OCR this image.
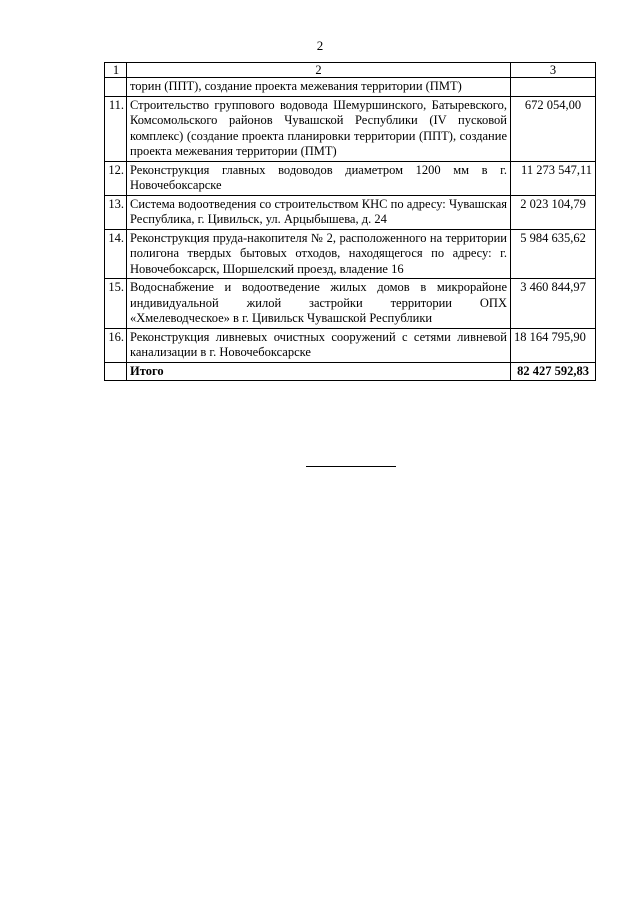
2
1	2	3
	торин (ППТ), создание проекта межевания территории (ПМТ)	
11.	Строительство группового водовода Шемуршинского, Батыревского, Комсомольского районов Чувашской Республики (IV пусковой комплекс) (создание проекта планировки территории (ППТ), создание проекта межевания территории (ПМТ)	672 054,00
12.	Реконструкция главных водоводов диаметром 1200 мм в г. Новочебоксарске	11 273 547,11
13.	Система водоотведения со строительством КНС по адресу: Чувашская Республика, г. Цивильск, ул. Арцыбышева, д. 24	2 023 104,79
14.	Реконструкция пруда-накопителя № 2, расположенного на территории полигона твердых бытовых отходов, находящегося по адресу: г. Новочебоксарск, Шоршелский проезд, владение 16	5 984 635,62
15.	Водоснабжение и водоотведение жилых домов в микрорайоне индивидуальной жилой застройки территории ОПХ «Хмелеводческое» в г. Цивильск Чувашской Республики	3 460 844,97
16.	Реконструкция ливневых очистных сооружений с сетями ливневой канализации в г. Новочебоксарске	18 164 795,90
	Итого	82 427 592,83
